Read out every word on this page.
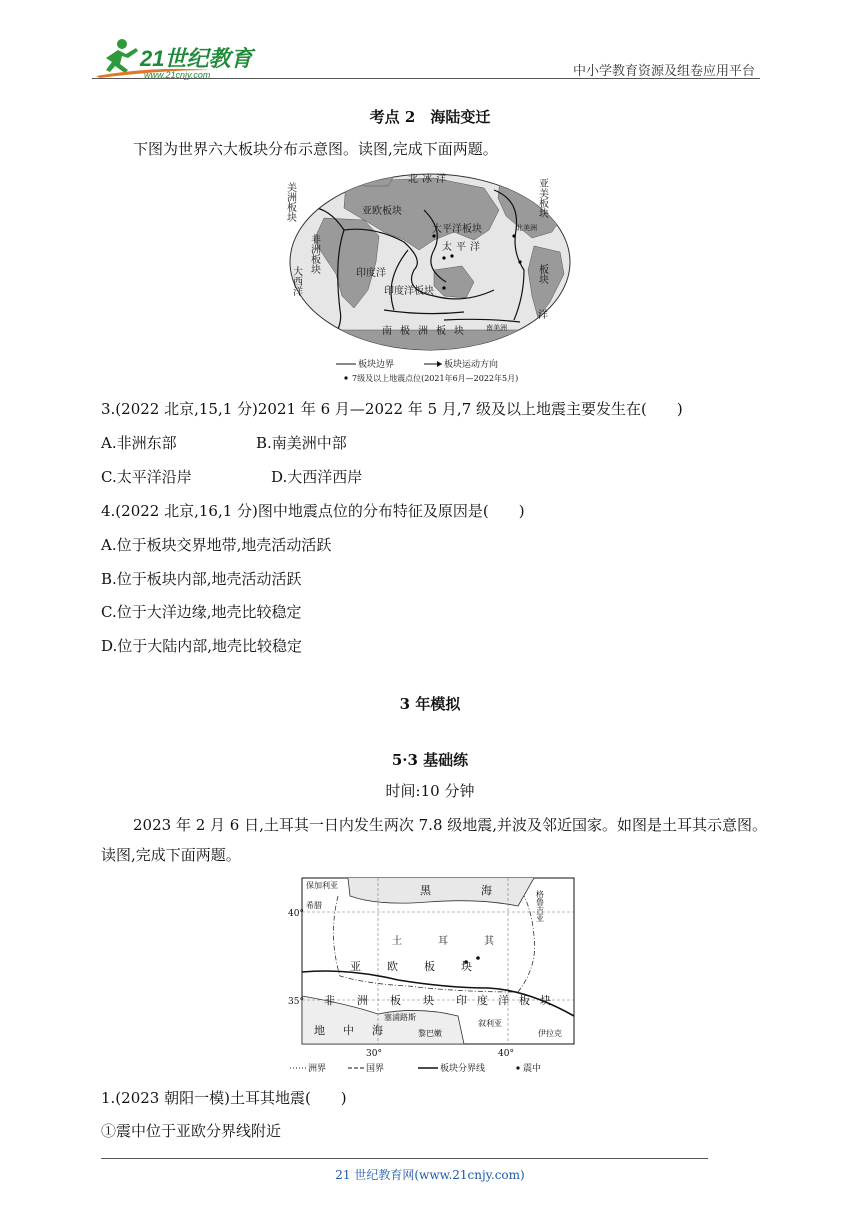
21世纪教育
www.21cnjy.com	中小学教育资源及组卷应用平台
考点 2　海陆变迁
下图为世界六大板块分布示意图。读图,完成下面两题。
美洲板块
北冰洋
亚欧板块
太平洋板块
太平洋
印度洋
印度洋板块
南极洲板块
非洲板块
大西洋
亚美板块
板块
洋
北美洲
南美洲
板块边界	板块运动方向
7级及以上地震点位(2021年6月—2022年5月)
3.(2022 北京,15,1 分)2021 年 6 月—2022 年 5 月,7 级及以上地震主要发生在(　　)
A.非洲东部	B.南美洲中部
C.太平洋沿岸	D.大西洋西岸
4.(2022 北京,16,1 分)图中地震点位的分布特征及原因是(　　)
A.位于板块交界地带,地壳活动活跃
B.位于板块内部,地壳活动活跃
C.位于大洋边缘,地壳比较稳定
D.位于大陆内部,地壳比较稳定
3 年模拟
5·3 基础练
时间:10 分钟
2023 年 2 月 6 日,土耳其一日内发生两次 7.8 级地震,并波及邻近国家。如图是土耳其示意图。读图,完成下面两题。
保加利亚
希腊
黑海
格鲁吉亚
40°
35°
30°	40°
土耳其
亚欧板块
非洲板块 印度洋板块
地中海
塞浦路斯
黎巴嫩
叙利亚
伊拉克
洲界	国界	板块分界线	震中
1.(2023 朝阳一模)土耳其地震(　　)
①震中位于亚欧分界线附近
21 世纪教育网(www.21cnjy.com)
